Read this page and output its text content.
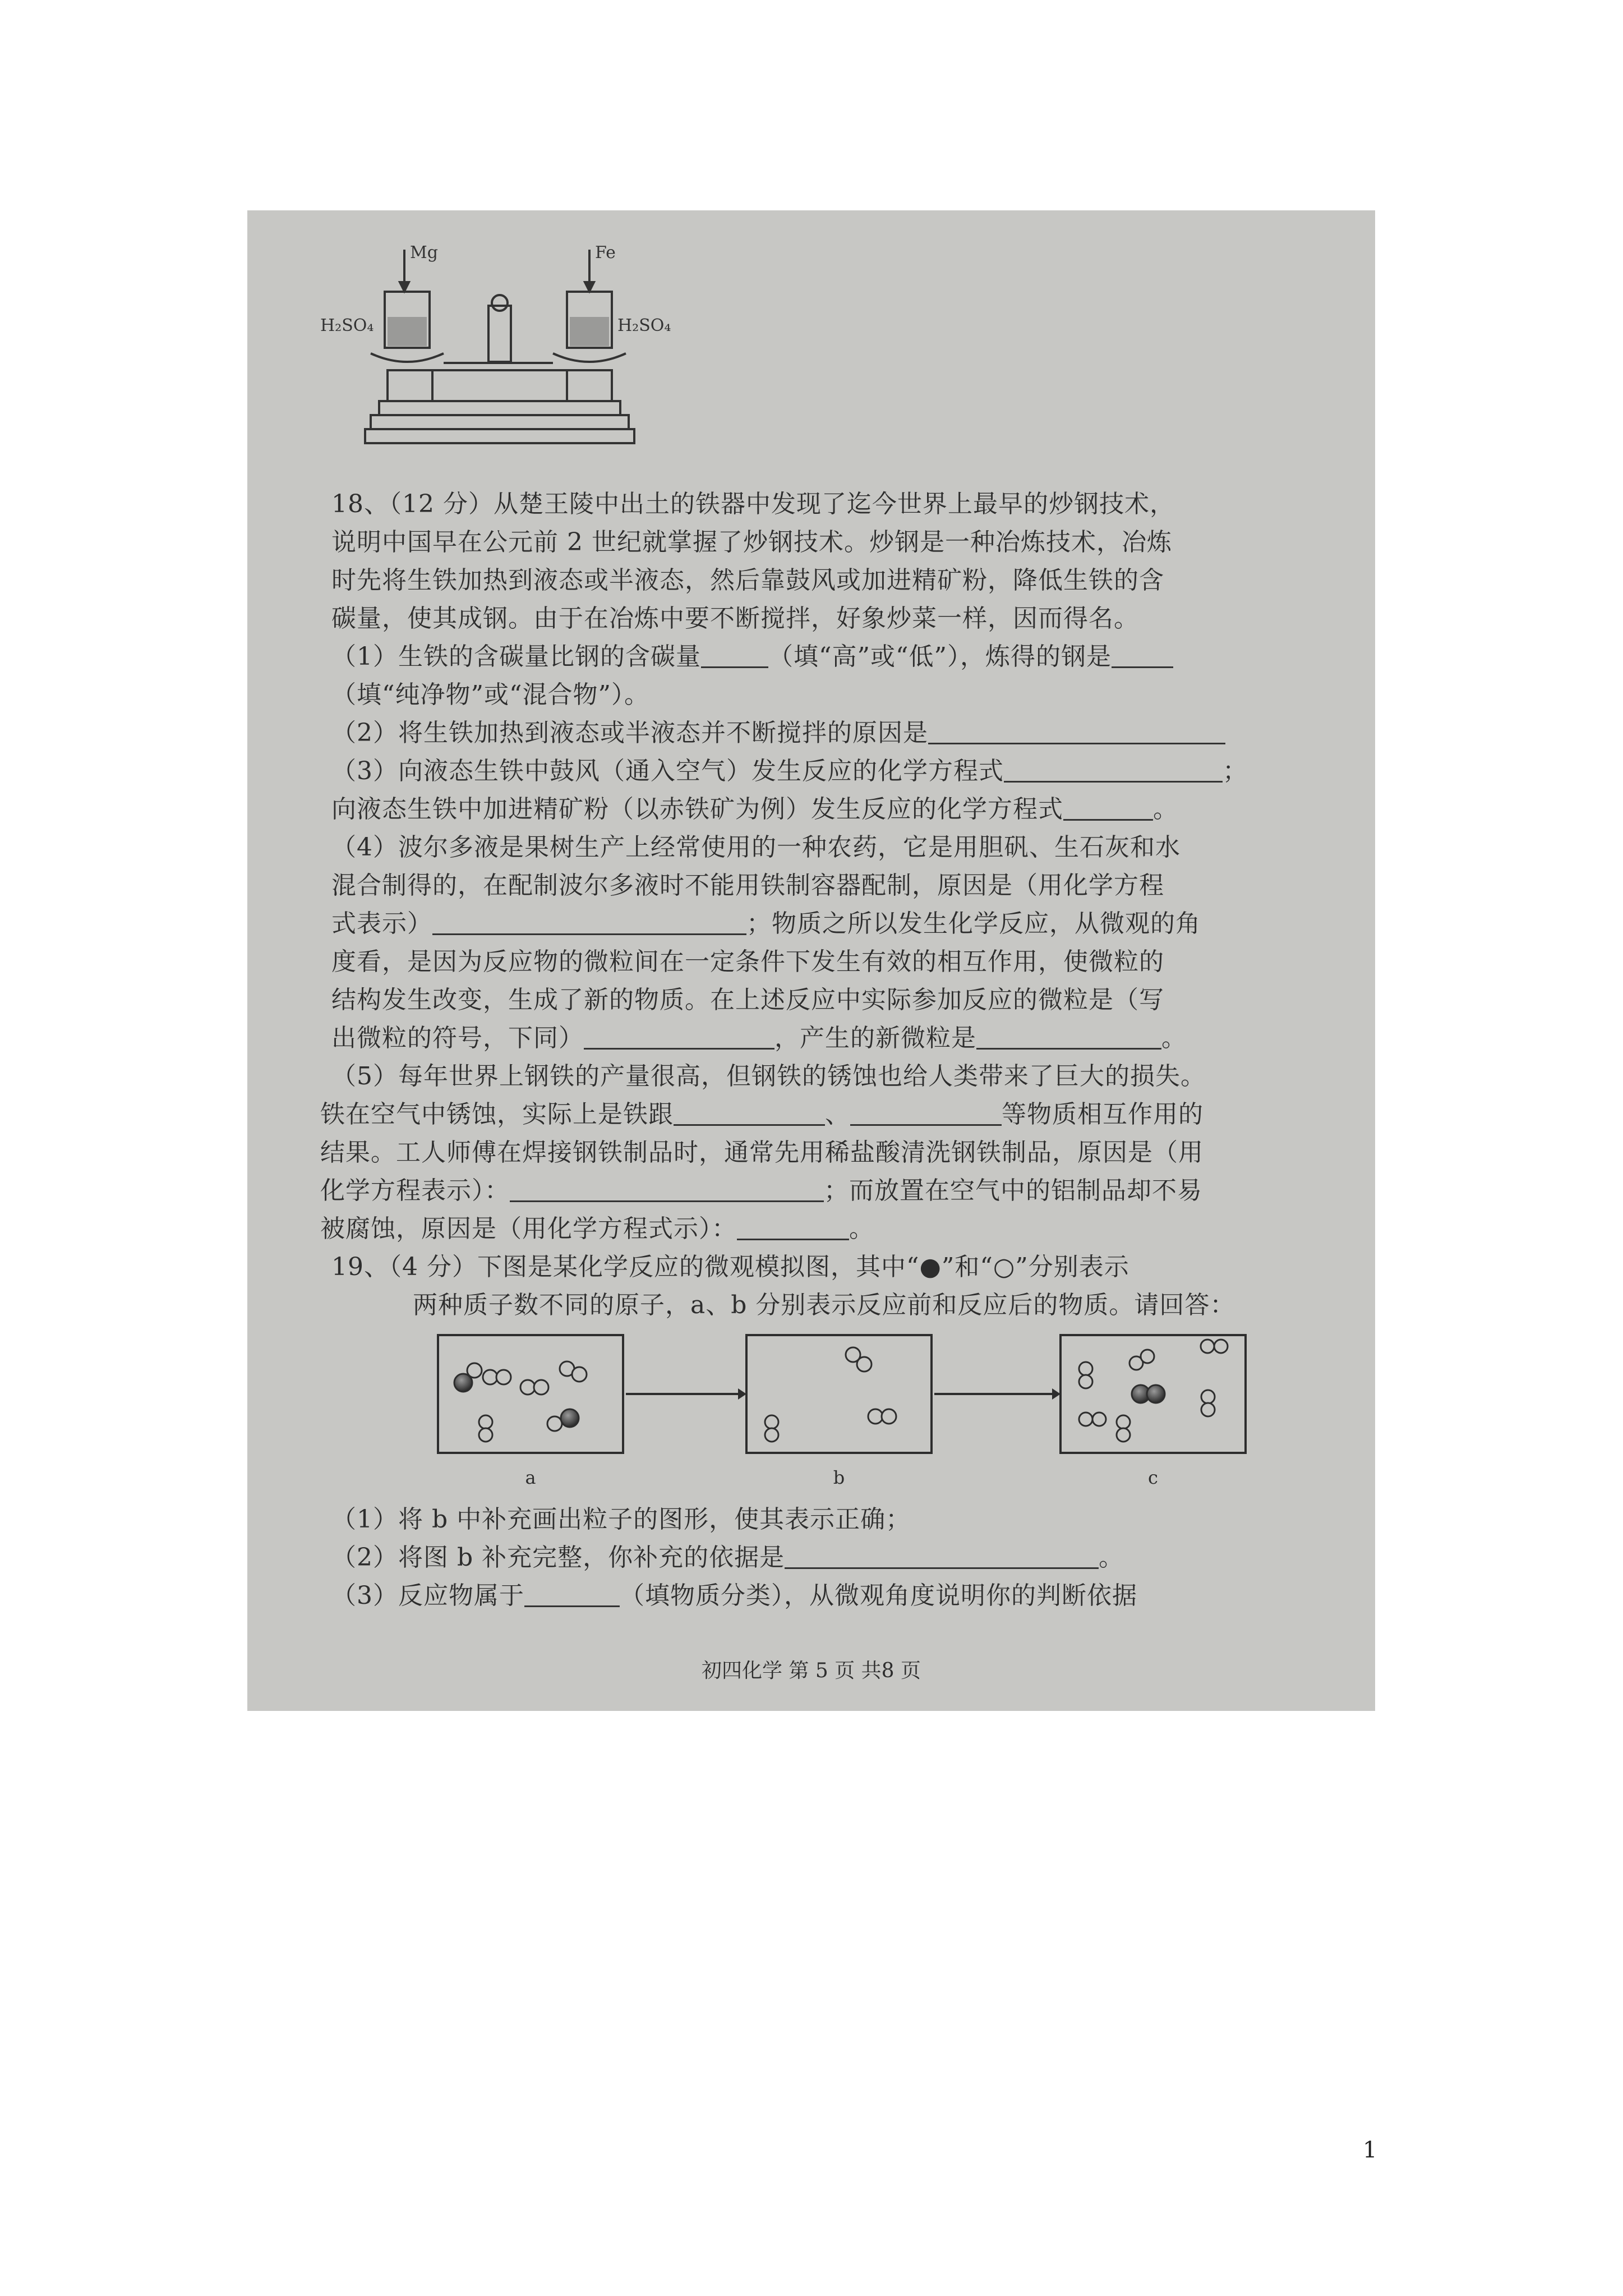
Mg	Fe
H₂SO₄	H₂SO₄
18、（12 分）从楚王陵中出土的铁器中发现了迄今世界上最早的炒钢技术，
说明中国早在公元前 2 世纪就掌握了炒钢技术。炒钢是一种冶炼技术，冶炼
时先将生铁加热到液态或半液态，然后靠鼓风或加进精矿粉，降低生铁的含
碳量，使其成钢。由于在冶炼中要不断搅拌，好象炒菜一样，因而得名。
（1）生铁的含碳量比钢的含碳量	（填“高”或“低”），炼得的钢是
（填“纯净物”或“混合物”）。
（2）将生铁加热到液态或半液态并不断搅拌的原因是
（3）向液态生铁中鼓风（通入空气）发生反应的化学方程式	；
向液态生铁中加进精矿粉（以赤铁矿为例）发生反应的化学方程式	。
（4）波尔多液是果树生产上经常使用的一种农药，它是用胆矾、生石灰和水
混合制得的，在配制波尔多液时不能用铁制容器配制，原因是（用化学方程
式表示）	；物质之所以发生化学反应，从微观的角
度看，是因为反应物的微粒间在一定条件下发生有效的相互作用，使微粒的
结构发生改变，生成了新的物质。在上述反应中实际参加反应的微粒是（写
出微粒的符号，下同）	，产生的新微粒是	。
（5）每年世界上钢铁的产量很高，但钢铁的锈蚀也给人类带来了巨大的损失。
铁在空气中锈蚀，实际上是铁跟	、	等物质相互作用的
结果。工人师傅在焊接钢铁制品时，通常先用稀盐酸清洗钢铁制品，原因是（用
化学方程表示）：	；而放置在空气中的铝制品却不易
被腐蚀，原因是（用化学方程式示）：	。
19、（4 分）下图是某化学反应的微观模拟图，其中“●”和“○”分别表示
两种质子数不同的原子，a、b 分别表示反应前和反应后的物质。请回答：
a	b	c
（1）将 b 中补充画出粒子的图形，使其表示正确；
（2）将图 b 补充完整，你补充的依据是	。
（3）反应物属于	（填物质分类），从微观角度说明你的判断依据
初四化学 第 5 页 共8 页
1
